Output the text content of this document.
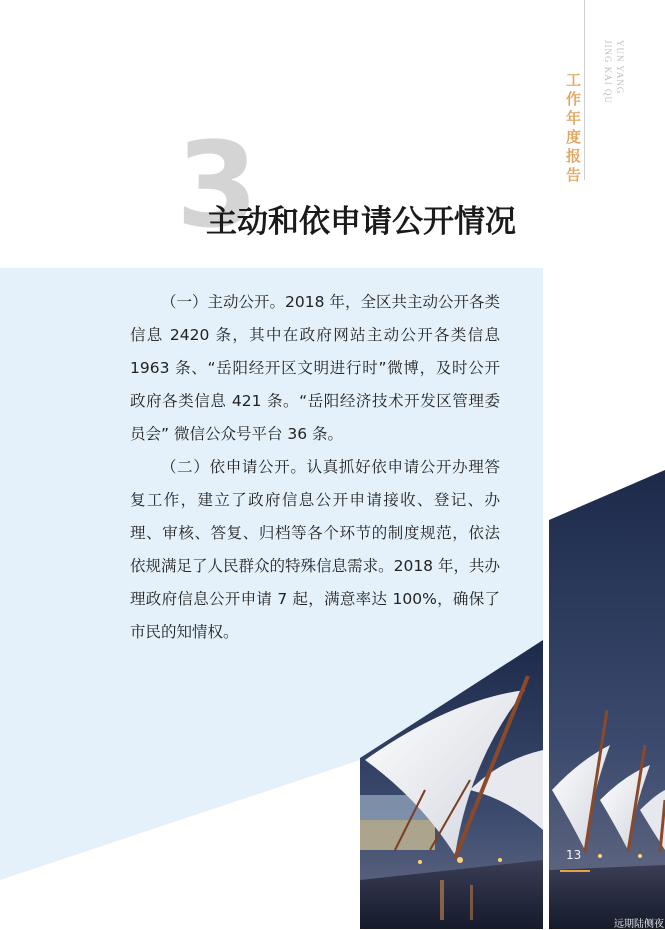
YUN YANG
JING KAI QU
工作年度报告
3
主动和依申请公开情况

（一）主动公开。2018 年，全区共主动公开各类信息 2420 条，其中在政府网站主动公开各类信息 1963 条、“岳阳经开区文明进行时”微博，及时公开政府各类信息 421 条。“岳阳经济技术开发区管理委员会” 微信公众号平台 36 条。

（二）依申请公开。认真抓好依申请公开办理答复工作，建立了政府信息公开申请接收、登记、办理、审核、答复、归档等各个环节的制度规范，依法依规满足了人民群众的特殊信息需求。2018 年，共办理政府信息公开申请 7 起，满意率达 100%，确保了市民的知情权。

13
远期陆侧夜
